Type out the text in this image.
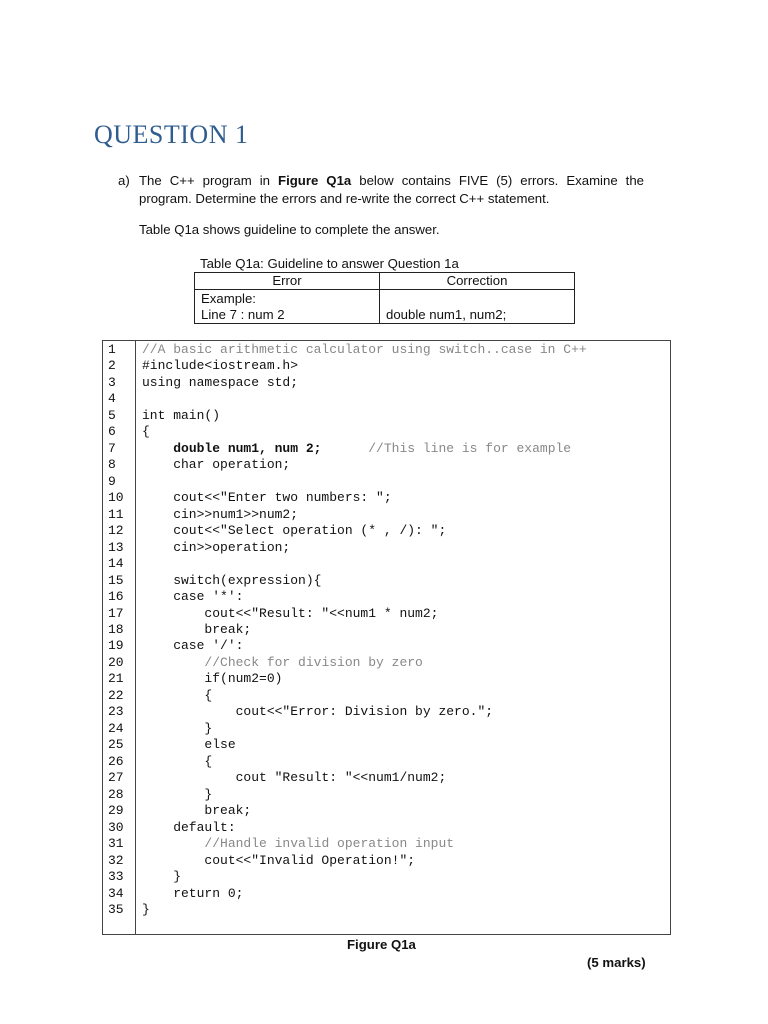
QUESTION 1
a) The C++ program in Figure Q1a below contains FIVE (5) errors. Examine the program. Determine the errors and re-write the correct C++ statement.
Table Q1a shows guideline to complete the answer.
Table Q1a: Guideline to answer Question 1a
Error	Correction

Example:
Line 7 : num 2	double num1, num2;
1 //A basic arithmetic calculator using switch..case in C++
2 #include<iostream.h>
3 using namespace std;
4
5 int main()
6 {
7	double num1, num 2;      //This line is for example
8 char operation;
9
10 cout<<"Enter two numbers: ";
11 cin>>num1>>num2;
12 cout<<"Select operation (* , /): ";
13 cin>>operation;
14
15 switch(expression){
16 case '*':
17 cout<<"Result: "<<num1 * num2;
18 break;
19 case '/':
20	//Check for division by zero
21 if(num2=0)
22 {
23 cout<<"Error: Division by zero.";
24 }
25 else
26 {
27 cout "Result: "<<num1/num2;
28 }
29 break;
30 default:
31	//Handle invalid operation input
32 cout<<"Invalid Operation!";
33 }
34 return 0;
35 }
Figure Q1a
(5 marks)
